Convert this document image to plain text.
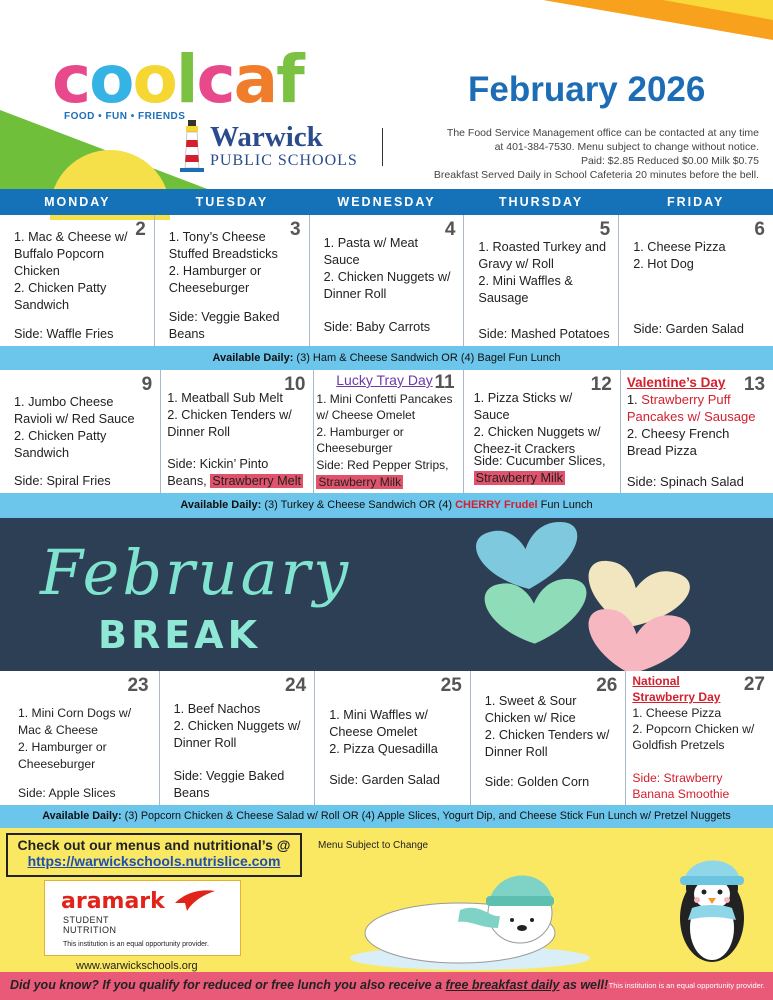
coolcaf
FOOD • FUN • FRIENDS
Warwick
PUBLIC SCHOOLS
February 2026
The Food Service Management office can be contacted at any time
at 401-384-7530. Menu subject to change without notice.
Paid: $2.85 Reduced $0.00 Milk $0.75
Breakfast Served Daily in School Cafeteria 20 minutes before the bell.
MONDAY	TUESDAY	WEDNESDAY	THURSDAY	FRIDAY
2
1. Mac & Cheese w/ Buffalo Popcorn Chicken
2. Chicken Patty Sandwich
Side: Waffle Fries
3
1. Tony’s Cheese Stuffed Breadsticks
2. Hamburger or Cheeseburger
Side: Veggie Baked Beans
4
1. Pasta w/ Meat Sauce
2. Chicken Nuggets w/ Dinner Roll
Side: Baby Carrots
5
1. Roasted Turkey and Gravy w/ Roll
2. Mini Waffles & Sausage
Side: Mashed Potatoes
6
1. Cheese Pizza
2. Hot Dog
Side: Garden Salad
Available Daily: (3) Ham & Cheese Sandwich OR (4) Bagel Fun Lunch
9
1. Jumbo Cheese Ravioli w/ Red Sauce
2. Chicken Patty Sandwich
Side: Spiral Fries
10
1. Meatball Sub Melt
2. Chicken Tenders w/ Dinner Roll
Side: Kickin’ Pinto Beans, Strawberry Melt
11
Lucky Tray Day
1. Mini Confetti Pancakes w/ Cheese Omelet
2. Hamburger or Cheeseburger
Side: Red Pepper Strips, Strawberry Milk
12
1. Pizza Sticks w/ Sauce
2. Chicken Nuggets w/ Cheez-it Crackers
Side: Cucumber Slices, Strawberry Milk
13
Valentine’s Day
1. Strawberry Puff Pancakes w/ Sausage
2. Cheesy French Bread Pizza
Side: Spinach Salad
Available Daily: (3) Turkey & Cheese Sandwich OR (4) CHERRY Frudel Fun Lunch
February
BREAK
23
1. Mini Corn Dogs w/ Mac & Cheese
2. Hamburger or Cheeseburger
Side: Apple Slices
24
1. Beef Nachos
2. Chicken Nuggets w/ Dinner Roll
Side: Veggie Baked Beans
25
1. Mini Waffles w/ Cheese Omelet
2. Pizza Quesadilla
Side: Garden Salad
26
1. Sweet & Sour Chicken w/ Rice
2. Chicken Tenders w/ Dinner Roll
Side: Golden Corn
27
National Strawberry Day
1. Cheese Pizza
2. Popcorn Chicken w/ Goldfish Pretzels
Side: Strawberry Banana Smoothie
Available Daily: (3) Popcorn Chicken & Cheese Salad w/ Roll OR (4) Apple Slices, Yogurt Dip, and Cheese Stick Fun Lunch w/ Pretzel Nuggets
Check out our menus and nutritional’s @
https://warwickschools.nutrislice.com
Menu Subject to Change
aramark
STUDENT
NUTRITION
This institution is an equal opportunity provider.
www.warwickschools.org
Did you know? If you qualify for reduced or free lunch you also receive a free breakfast daily as well! This institution is an equal opportunity provider.
